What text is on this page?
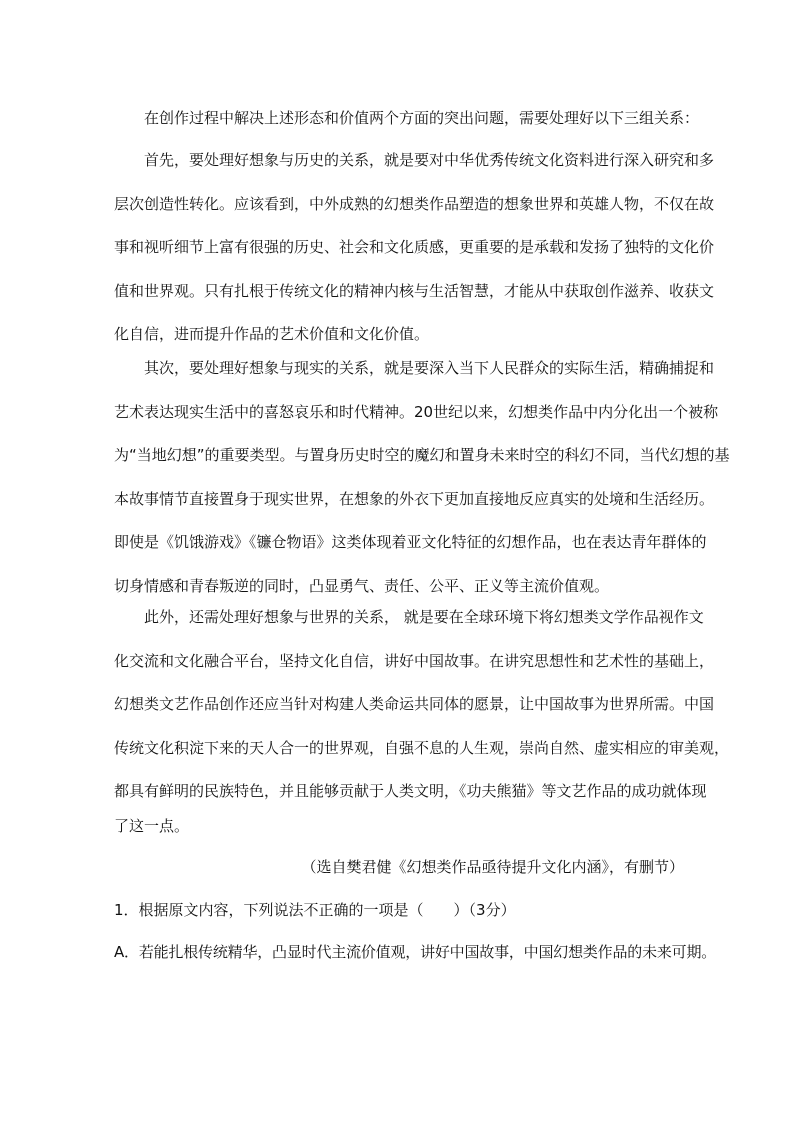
　　在创作过程中解决上述形态和价值两个方面的突出问题，需要处理好以下三组关系：
　　首先，要处理好想象与历史的关系，就是要对中华优秀传统文化资料进行深入研究和多
层次创造性转化。应该看到，中外成熟的幻想类作品塑造的想象世界和英雄人物，不仅在故
事和视听细节上富有很强的历史、社会和文化质感，更重要的是承载和发扬了独特的文化价
值和世界观。只有扎根于传统文化的精神内核与生活智慧，才能从中获取创作滋养、收获文
化自信，进而提升作品的艺术价值和文化价值。
　　其次，要处理好想象与现实的关系，就是要深入当下人民群众的实际生活，精确捕捉和
艺术表达现实生活中的喜怒哀乐和时代精神。20世纪以来，幻想类作品中内分化出一个被称
为“当地幻想”的重要类型。与置身历史时空的魔幻和置身未来时空的科幻不同，当代幻想的基
本故事情节直接置身于现实世界，在想象的外衣下更加直接地反应真实的处境和生活经历。
即使是《饥饿游戏》《镰仓物语》这类体现着亚文化特征的幻想作品，也在表达青年群体的
切身情感和青春叛逆的同时，凸显勇气、责任、公平、正义等主流价值观。
　　此外，还需处理好想象与世界的关系， 就是要在全球环境下将幻想类文学作品视作文
化交流和文化融合平台，坚持文化自信，讲好中国故事。在讲究思想性和艺术性的基础上，
幻想类文艺作品创作还应当针对构建人类命运共同体的愿景，让中国故事为世界所需。中国
传统文化积淀下来的天人合一的世界观，自强不息的人生观，崇尚自然、虚实相应的审美观，
都具有鲜明的民族特色，并且能够贡献于人类文明，《功夫熊猫》等文艺作品的成功就体现
了这一点。

（选自樊君健《幻想类作品亟待提升文化内涵》，有删节）

1．根据原文内容，下列说法不正确的一项是（　　）（3分）

A．若能扎根传统精华，凸显时代主流价值观，讲好中国故事，中国幻想类作品的未来可期。
